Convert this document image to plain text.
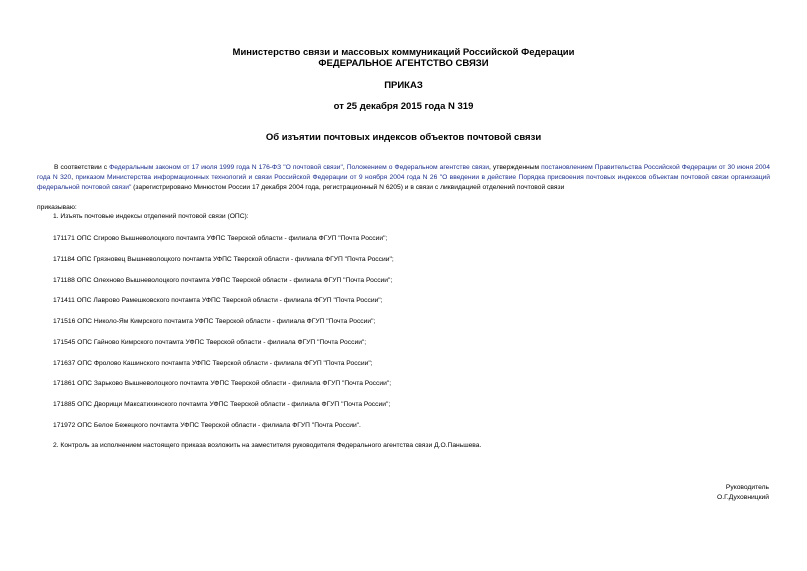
Министерство связи и массовых коммуникаций Российской Федерации
ФЕДЕРАЛЬНОЕ АГЕНТСТВО СВЯЗИ
ПРИКАЗ
от 25 декабря 2015 года N 319
Об изъятии почтовых индексов объектов почтовой связи
В соответствии с Федеральным законом от 17 июля 1999 года N 176-ФЗ "О почтовой связи", Положением о Федеральном агентстве связи, утвержденным постановлением Правительства Российской Федерации от 30 июня 2004 года N 320, приказом Министерства информационных технологий и связи Российской Федерации от 9 ноября 2004 года N 26 "О введении в действие Порядка присвоения почтовых индексов объектам почтовой связи организаций федеральной почтовой связи" (зарегистрировано Минюстом России 17 декабря 2004 года, регистрационный N 6205) и в связи с ликвидацией отделений почтовой связи
приказываю:
1. Изъять почтовые индексы отделений почтовой связи (ОПС):
171171 ОПС Сгирово Вышневолоцкого почтамта УФПС Тверской области - филиала ФГУП "Почта России";
171184 ОПС Грязновец Вышневолоцкого почтамта УФПС Тверской области - филиала ФГУП "Почта России";
171188 ОПС Олехново Вышневолоцкого почтамта УФПС Тверской области - филиала ФГУП "Почта России";
171411 ОПС Лаврово Рамешковского почтамта УФПС Тверской области - филиала ФГУП "Почта России";
171516 ОПС Николо-Ям Кимрского почтамта УФПС Тверской области - филиала ФГУП "Почта России";
171545 ОПС Гайново Кимрского почтамта УФПС Тверской области - филиала ФГУП "Почта России";
171637 ОПС Фролово Кашинского почтамта УФПС Тверской области - филиала ФГУП "Почта России";
171861 ОПС Зарьково Вышневолоцкого почтамта УФПС Тверской области - филиала ФГУП "Почта России";
171885 ОПС Дворищи Максатихинского почтамта УФПС Тверской области - филиала ФГУП "Почта России";
171972 ОПС Белое Бежецкого почтамта УФПС Тверской области - филиала ФГУП "Почта России".
2. Контроль за исполнением настоящего приказа возложить на заместителя руководителя Федерального агентства связи Д.О.Паньшева.
Руководитель
О.Г.Духовницкий
